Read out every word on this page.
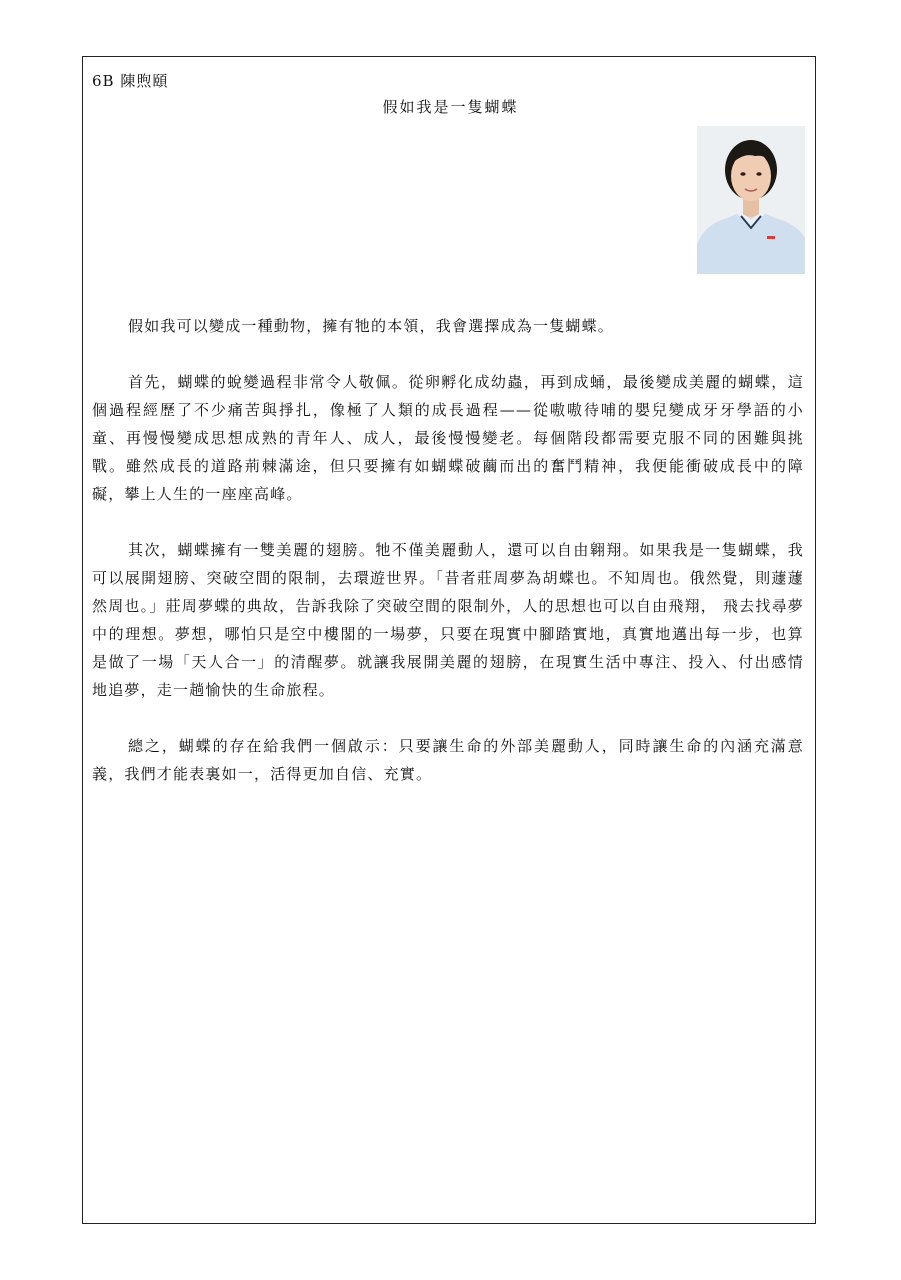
6B 陳煦頤
假如我是一隻蝴蝶

假如我可以變成一種動物，擁有牠的本領，我會選擇成為一隻蝴蝶。

首先，蝴蝶的蛻變過程非常令人敬佩。從卵孵化成幼蟲，再到成蛹，最後變成美麗的蝴蝶，這個過程經歷了不少痛苦與掙扎，像極了人類的成長過程——從嗷嗷待哺的嬰兒變成牙牙學語的小童、再慢慢變成思想成熟的青年人、成人，最後慢慢變老。每個階段都需要克服不同的困難與挑戰。雖然成長的道路荊棘滿途，但只要擁有如蝴蝶破繭而出的奮鬥精神，我便能衝破成長中的障礙，攀上人生的一座座高峰。

其次，蝴蝶擁有一雙美麗的翅膀。牠不僅美麗動人，還可以自由翱翔。如果我是一隻蝴蝶，我可以展開翅膀、突破空間的限制，去環遊世界。「昔者莊周夢為胡蝶也。不知周也。俄然覺，則蘧蘧然周也。」莊周夢蝶的典故，告訴我除了突破空間的限制外，人的思想也可以自由飛翔， 飛去找尋夢中的理想。夢想，哪怕只是空中樓閣的一場夢，只要在現實中腳踏實地，真實地邁出每一步，也算是做了一場「天人合一」的清醒夢。就讓我展開美麗的翅膀，在現實生活中專注、投入、付出感情地追夢，走一趟愉快的生命旅程。

總之，蝴蝶的存在給我們一個啟示：只要讓生命的外部美麗動人，同時讓生命的內涵充滿意義，我們才能表裏如一，活得更加自信、充實。
